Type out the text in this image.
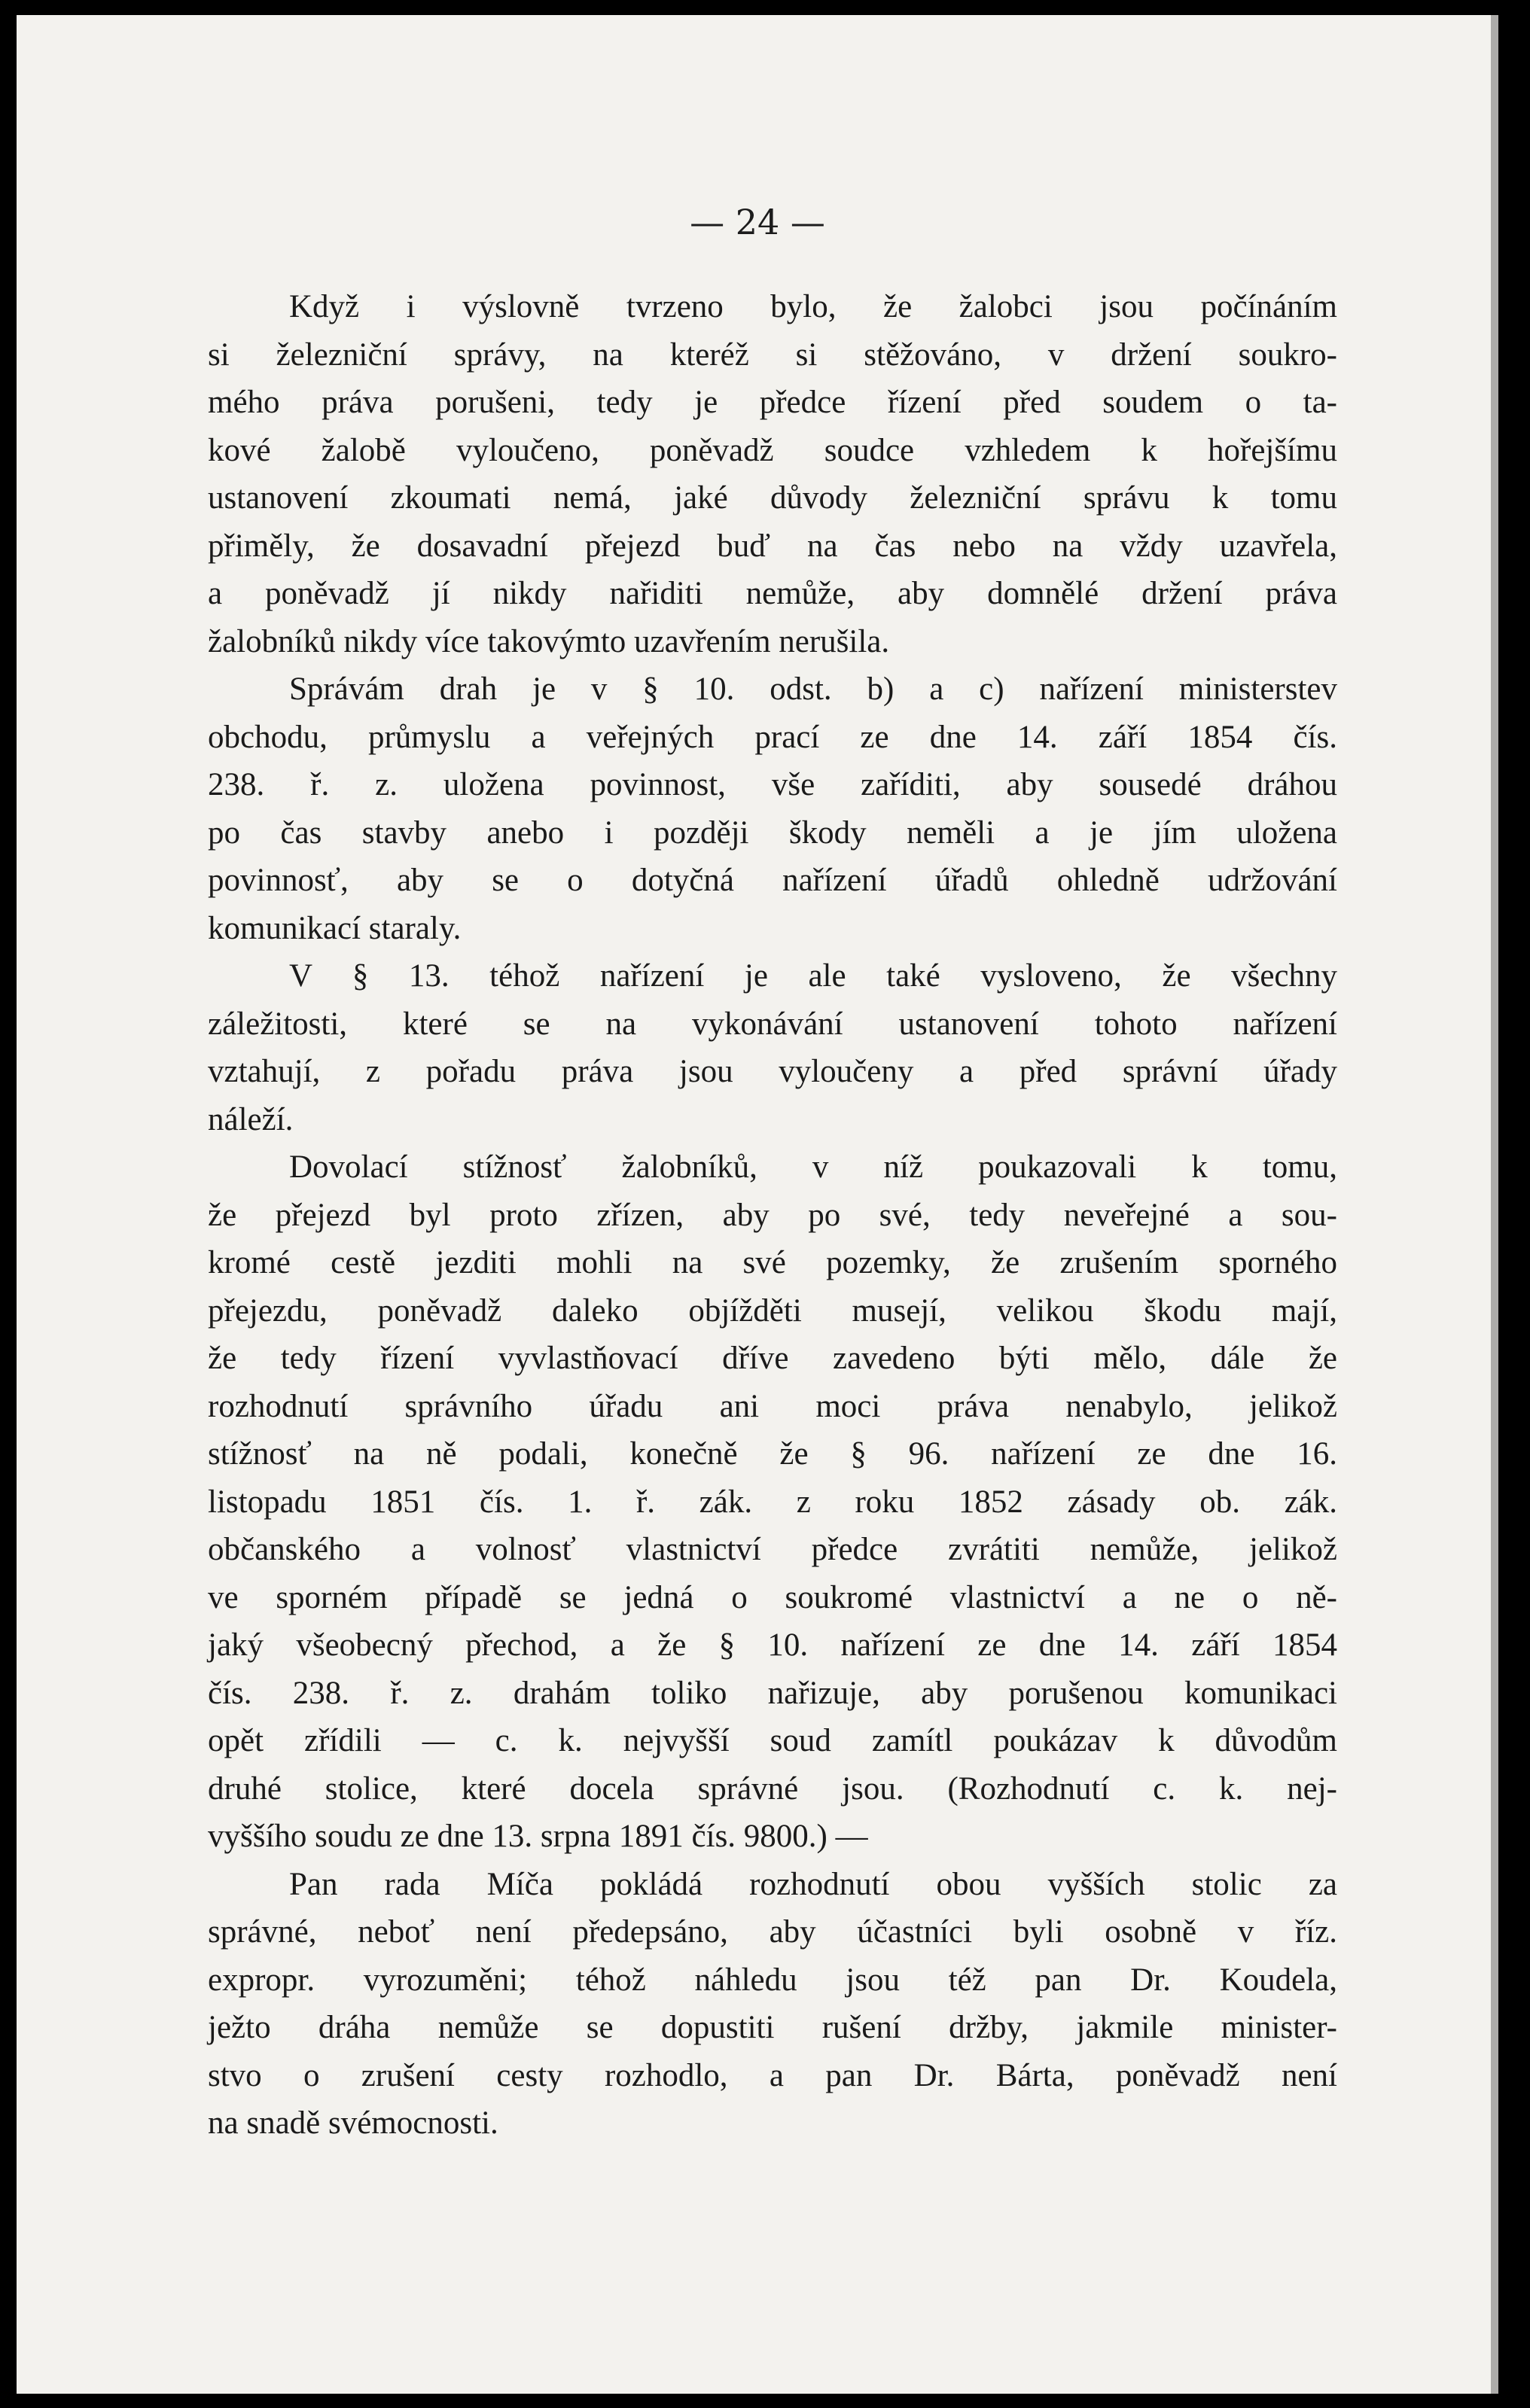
— 24 —
Když i výslovně tvrzeno bylo, že žalobci jsou počínáním
si železniční správy, na kteréž si stěžováno, v držení soukro-
mého práva porušeni, tedy je předce řízení před soudem o ta-
kové žalobě vyloučeno, poněvadž soudce vzhledem k hořejšímu
ustanovení zkoumati nemá, jaké důvody železniční správu k tomu
přiměly, že dosavadní přejezd buď na čas nebo na vždy uzavřela,
a poněvadž jí nikdy nařiditi nemůže, aby domnělé držení práva
žalobníků nikdy více takovýmto uzavřením nerušila.
Správám drah je v § 10. odst. b) a c) nařízení ministerstev
obchodu, průmyslu a veřejných prací ze dne 14. září 1854 čís.
238. ř. z. uložena povinnost, vše zaříditi, aby sousedé dráhou
po čas stavby anebo i později škody neměli a je jím uložena
povinnosť, aby se o dotyčná nařízení úřadů ohledně udržování
komunikací staraly.
V § 13. téhož nařízení je ale také vysloveno, že všechny
záležitosti, které se na vykonávání ustanovení tohoto nařízení
vztahují, z pořadu práva jsou vyloučeny a před správní úřady
náleží.
Dovolací stížnosť žalobníků, v níž poukazovali k tomu,
že přejezd byl proto zřízen, aby po své, tedy neveřejné a sou-
kromé cestě jezditi mohli na své pozemky, že zrušením sporného
přejezdu, poněvadž daleko objížděti musejí, velikou škodu mají,
že tedy řízení vyvlastňovací dříve zavedeno býti mělo, dále že
rozhodnutí správního úřadu ani moci práva nenabylo, jelikož
stížnosť na ně podali, konečně že § 96. nařízení ze dne 16.
listopadu 1851 čís. 1. ř. zák. z roku 1852 zásady ob. zák.
občanského a volnosť vlastnictví předce zvrátiti nemůže, jelikož
ve sporném případě se jedná o soukromé vlastnictví a ne o ně-
jaký všeobecný přechod, a že § 10. nařízení ze dne 14. září 1854
čís. 238. ř. z. drahám toliko nařizuje, aby porušenou komunikaci
opět zřídili — c. k. nejvyšší soud zamítl poukázav k důvodům
druhé stolice, které docela správné jsou. (Rozhodnutí c. k. nej-
vyššího soudu ze dne 13. srpna 1891 čís. 9800.) —
Pan rada Míča pokládá rozhodnutí obou vyšších stolic za
správné, neboť není předepsáno, aby účastníci byli osobně v říz.
expropr. vyrozuměni; téhož náhledu jsou též pan Dr. Koudela,
ježto dráha nemůže se dopustiti rušení držby, jakmile minister-
stvo o zrušení cesty rozhodlo, a pan Dr. Bárta, poněvadž není
na snadě svémocnosti.
